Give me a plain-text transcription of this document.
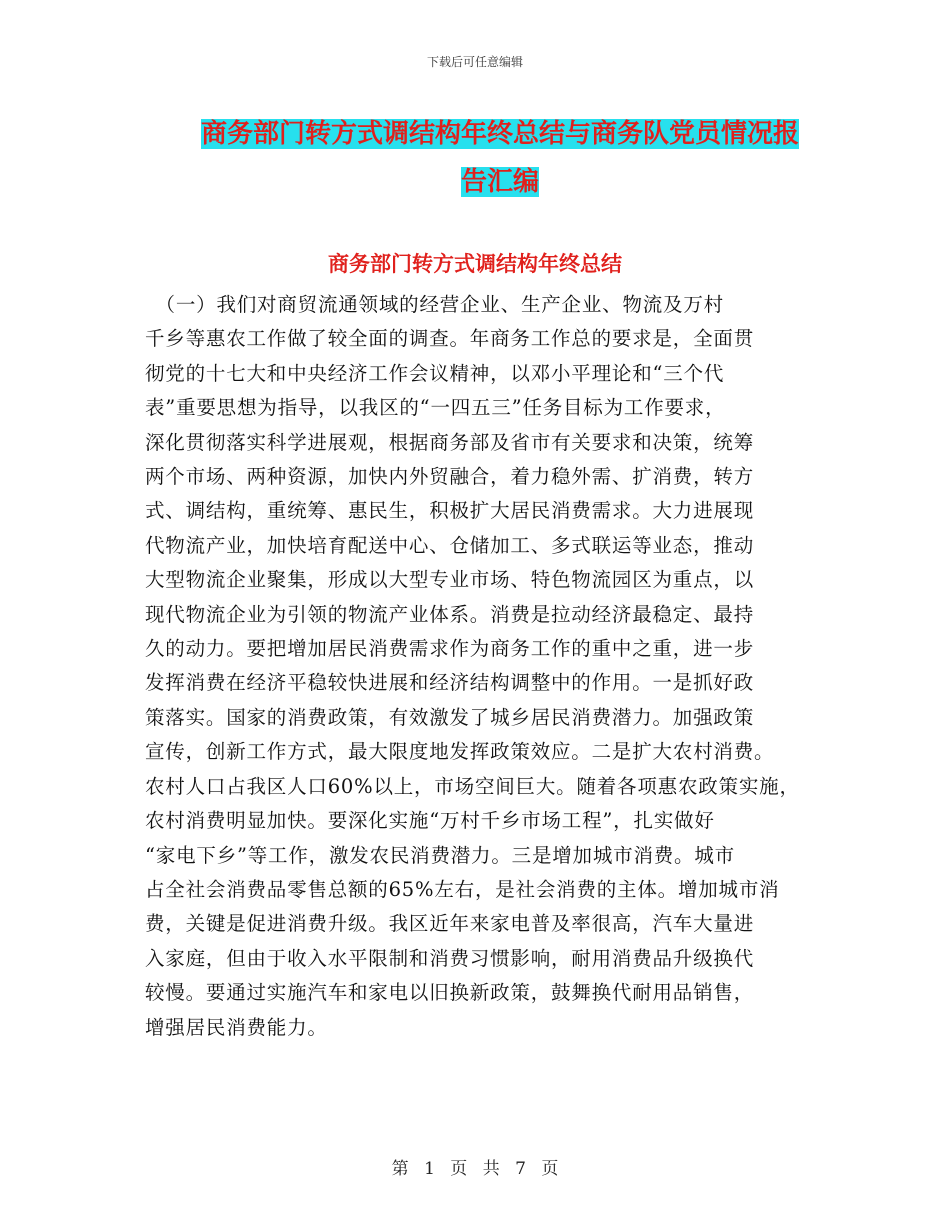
下载后可任意编辑
商务部门转方式调结构年终总结与商务队党员情况报
告汇编
商务部门转方式调结构年终总结
　（一）我们对商贸流通领域的经营企业、生产企业、物流及万村
千乡等惠农工作做了较全面的调查。年商务工作总的要求是，全面贯
彻党的十七大和中央经济工作会议精神，以邓小平理论和“三个代
表”重要思想为指导，以我区的“一四五三”任务目标为工作要求，
深化贯彻落实科学进展观，根据商务部及省市有关要求和决策，统筹
两个市场、两种资源，加快内外贸融合，着力稳外需、扩消费，转方
式、调结构，重统筹、惠民生，积极扩大居民消费需求。大力进展现
代物流产业，加快培育配送中心、仓储加工、多式联运等业态，推动
大型物流企业聚集，形成以大型专业市场、特色物流园区为重点，以
现代物流企业为引领的物流产业体系。消费是拉动经济最稳定、最持
久的动力。要把增加居民消费需求作为商务工作的重中之重，进一步
发挥消费在经济平稳较快进展和经济结构调整中的作用。一是抓好政
策落实。国家的消费政策，有效激发了城乡居民消费潜力。加强政策
宣传，创新工作方式，最大限度地发挥政策效应。二是扩大农村消费。
农村人口占我区人口60%以上，市场空间巨大。随着各项惠农政策实施，
农村消费明显加快。要深化实施“万村千乡市场工程”，扎实做好
“家电下乡”等工作，激发农民消费潜力。三是增加城市消费。城市
占全社会消费品零售总额的65%左右，是社会消费的主体。增加城市消
费，关键是促进消费升级。我区近年来家电普及率很高，汽车大量进
入家庭，但由于收入水平限制和消费习惯影响，耐用消费品升级换代
较慢。要通过实施汽车和家电以旧换新政策，鼓舞换代耐用品销售，
增强居民消费能力。
第 1 页 共 7 页
